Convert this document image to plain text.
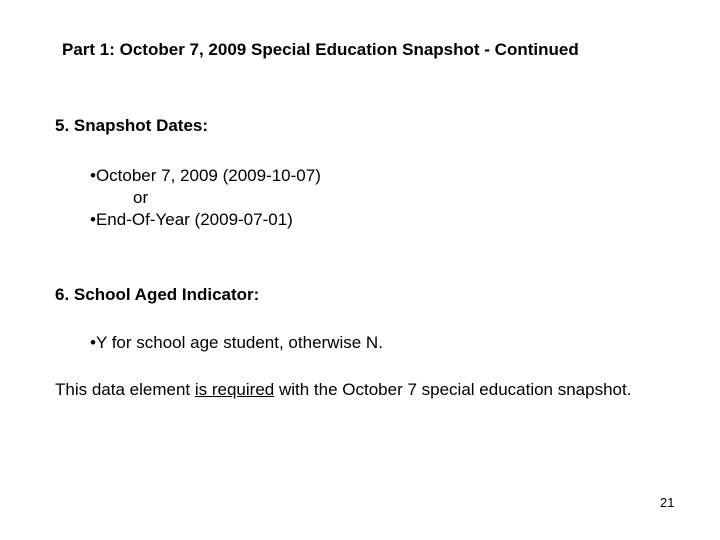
Part 1: October 7, 2009 Special Education Snapshot - Continued
5. Snapshot Dates:
•October 7, 2009 (2009-10-07)
or
•End-Of-Year (2009-07-01)
6. School Aged Indicator:
•Y for school age student, otherwise N.
This data element is required with the October 7 special education snapshot.
21
